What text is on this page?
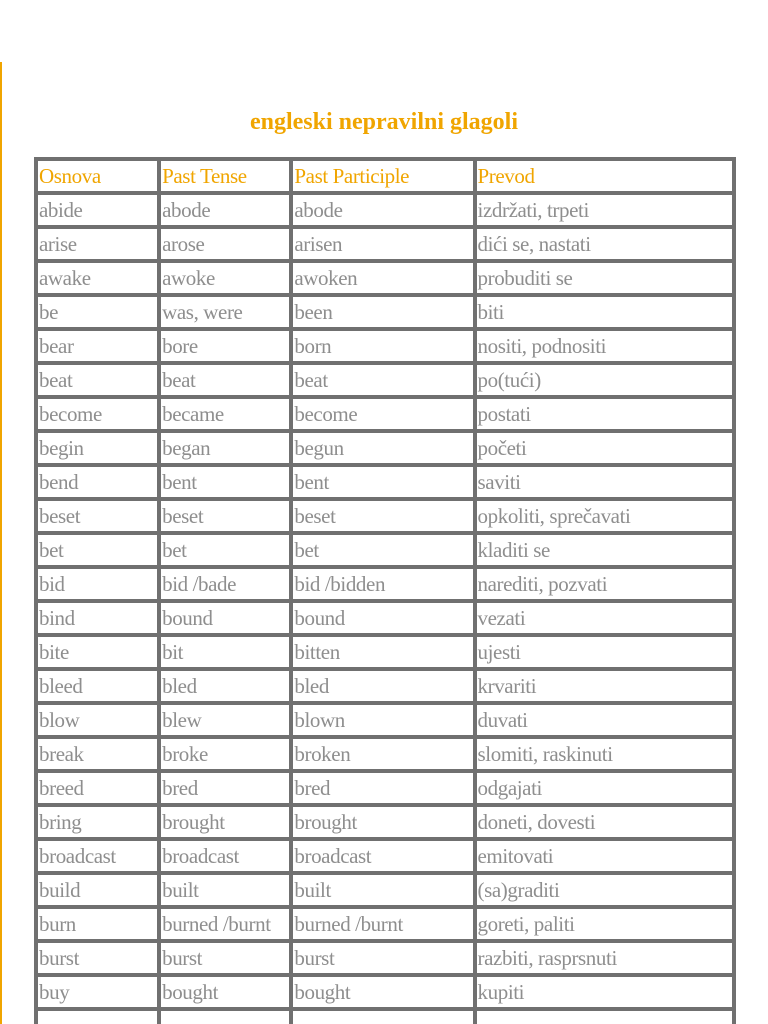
engleski nepravilni glagoli
Osnova	Past Tense	Past Participle	Prevod
abide	abode	abode	izdržati, trpeti
arise	arose	arisen	dići se, nastati
awake	awoke	awoken	probuditi se
be	was, were	been	biti
bear	bore	born	nositi, podnositi
beat	beat	beat	po(tući)
become	became	become	postati
begin	began	begun	početi
bend	bent	bent	saviti
beset	beset	beset	opkoliti, sprečavati
bet	bet	bet	kladiti se
bid	bid /bade	bid /bidden	narediti, pozvati
bind	bound	bound	vezati
bite	bit	bitten	ujesti
bleed	bled	bled	krvariti
blow	blew	blown	duvati
break	broke	broken	slomiti, raskinuti
breed	bred	bred	odgajati
bring	brought	brought	doneti, dovesti
broadcast	broadcast	broadcast	emitovati
build	built	built	(sa)graditi
burn	burned /burnt	burned /burnt	goreti, paliti
burst	burst	burst	razbiti, rasprsnuti
buy	bought	bought	kupiti
